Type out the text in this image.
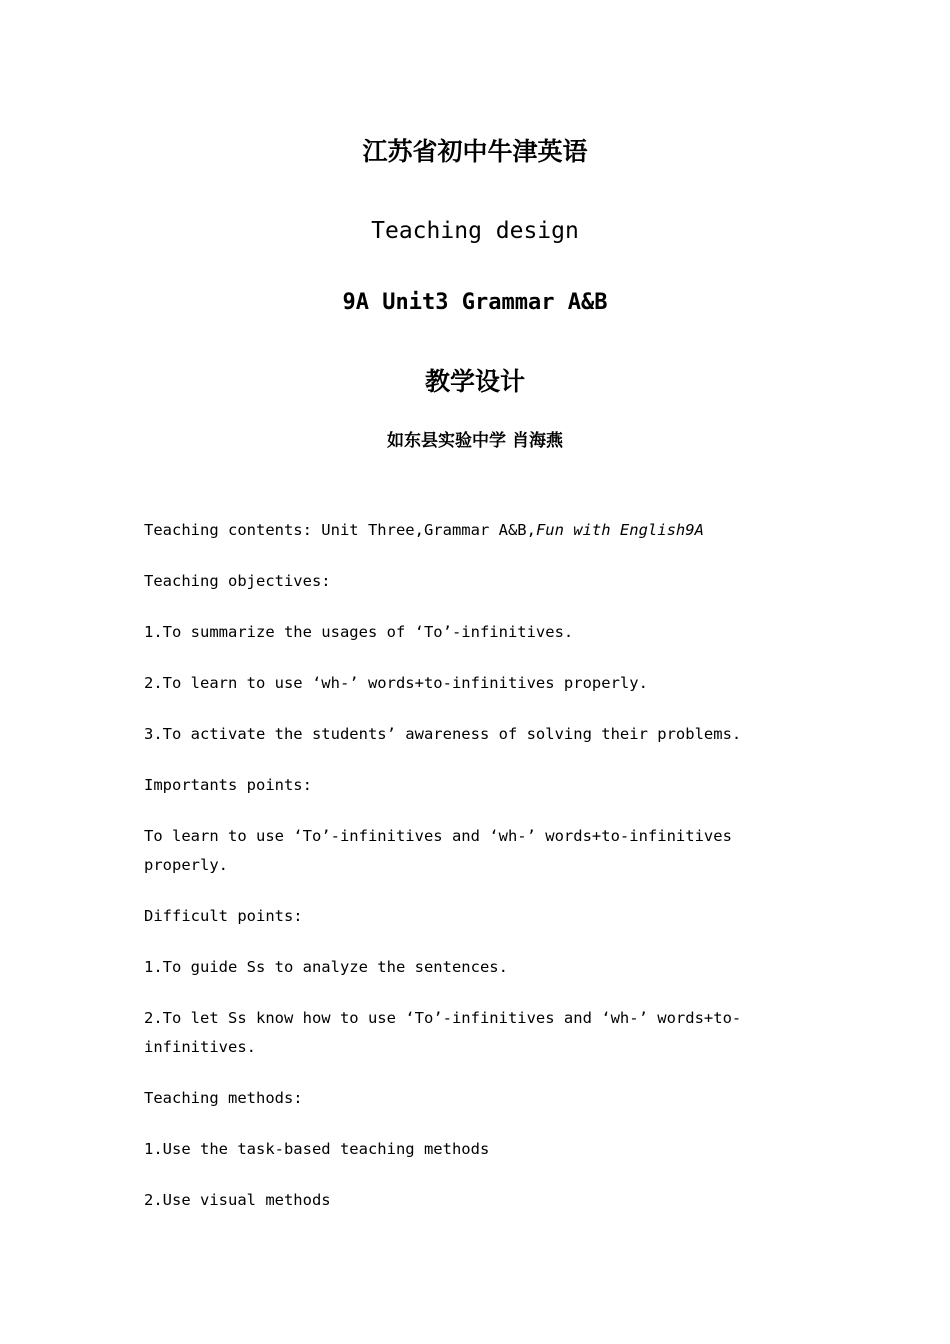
江苏省初中牛津英语
Teaching design
9A Unit3 Grammar A&B
教学设计
如东县实验中学 肖海燕
Teaching contents: Unit Three,Grammar A&B,Fun with English9A
Teaching objectives:
1.To summarize the usages of ‘To’-infinitives.
2.To learn to use ‘wh-’ words+to-infinitives properly.
3.To activate the students’ awareness of solving their problems.
Importants points:
To learn to use ‘To’-infinitives and ‘wh-’ words+to-infinitives properly.
Difficult points:
1.To guide Ss to analyze the sentences.
2.To let Ss know how to use ‘To’-infinitives and ‘wh-’ words+to-infinitives.
Teaching methods:
1.Use the task-based teaching methods
2.Use visual methods
